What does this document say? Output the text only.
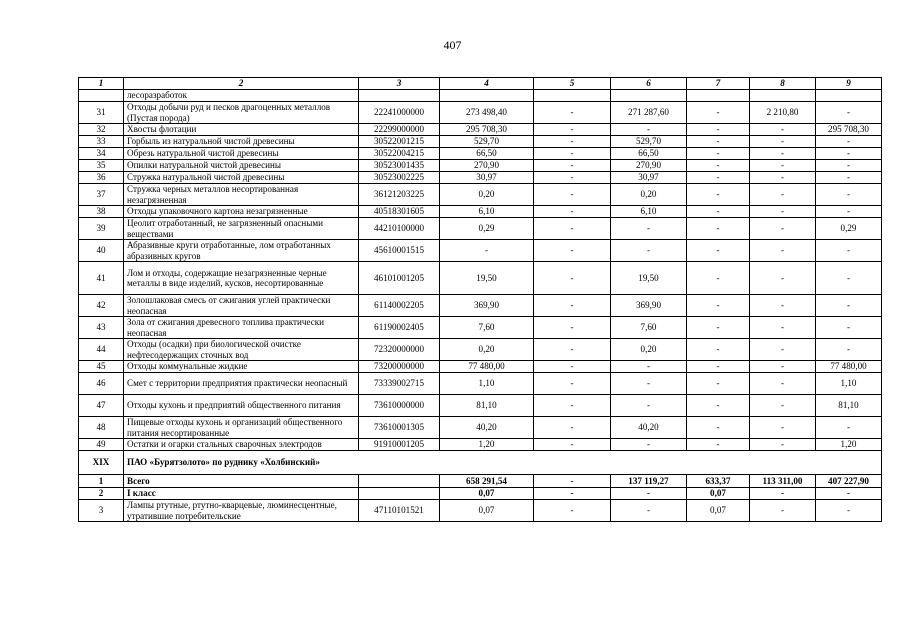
407
1	2	3	4	5	6	7	8	9
	лесоразработок							
31	Отходы добычи руд и песков драгоценных металлов (Пустая порода)	22241000000	273 498,40	-	271 287,60	-	2 210,80	-
32	Хвосты флотации	22299000000	295 708,30	-	-	-	-	295 708,30
33	Горбыль из натуральной чистой древесины	30522001215	529,70	-	529,70	-	-	-
34	Обрезь натуральной чистой древесины	30522004215	66,50	-	66,50	-	-	-
35	Опилки натуральной чистой древесины	30523001435	270,90	-	270,90	-	-	-
36	Стружка натуральной чистой древесины	30523002225	30,97	-	30,97	-	-	-
37	Стружка черных металлов несортированная незагрязненная	36121203225	0,20	-	0,20	-	-	-
38	Отходы упаковочного картона незагрязненные	40518301605	6,10	-	6,10	-	-	-
39	Цеолит отработанный, не загрязненный опасными веществами	44210100000	0,29	-	-	-	-	0,29
40	Абразивные круги отработанные, лом отработанных абразивных кругов	45610001515	-	-	-	-	-	-
41	Лом и отходы, содержащие незагрязненные черные металлы в виде изделий, кусков, несортированные	46101001205	19,50	-	19,50	-	-	-
42	Золошлаковая смесь от сжигания углей практически неопасная	61140002205	369,90	-	369,90	-	-	-
43	Зола от сжигания древесного топлива практически неопасная	61190002405	7,60	-	7,60	-	-	-
44	Отходы (осадки) при биологической очистке нефтесодержащих сточных вод	72320000000	0,20	-	0,20	-	-	-
45	Отходы коммунальные жидкие	73200000000	77 480,00	-	-	-	-	77 480,00
46	Смет с территории предприятия практически неопасный	73339002715	1,10	-	-	-	-	1,10
47	Отходы кухонь и предприятий общественного питания	73610000000	81,10	-	-	-	-	81,10
48	Пищевые отходы кухонь и организаций общественного питания несортированные	73610001305	40,20	-	40,20	-	-	-
49	Остатки и огарки стальных сварочных электродов	91910001205	1,20	-	-	-	-	1,20
XIX	ПАО «Бурятзолото» по руднику «Холбинский»							
1	Всего		658 291,54	-	137 119,27	633,37	113 311,00	407 227,90
2	I класс		0,07	-	-	0,07	-	-
3	Лампы ртутные, ртутно-кварцевые, люминесцентные, утратившие потребительские	47110101521	0,07	-	-	0,07	-	-
